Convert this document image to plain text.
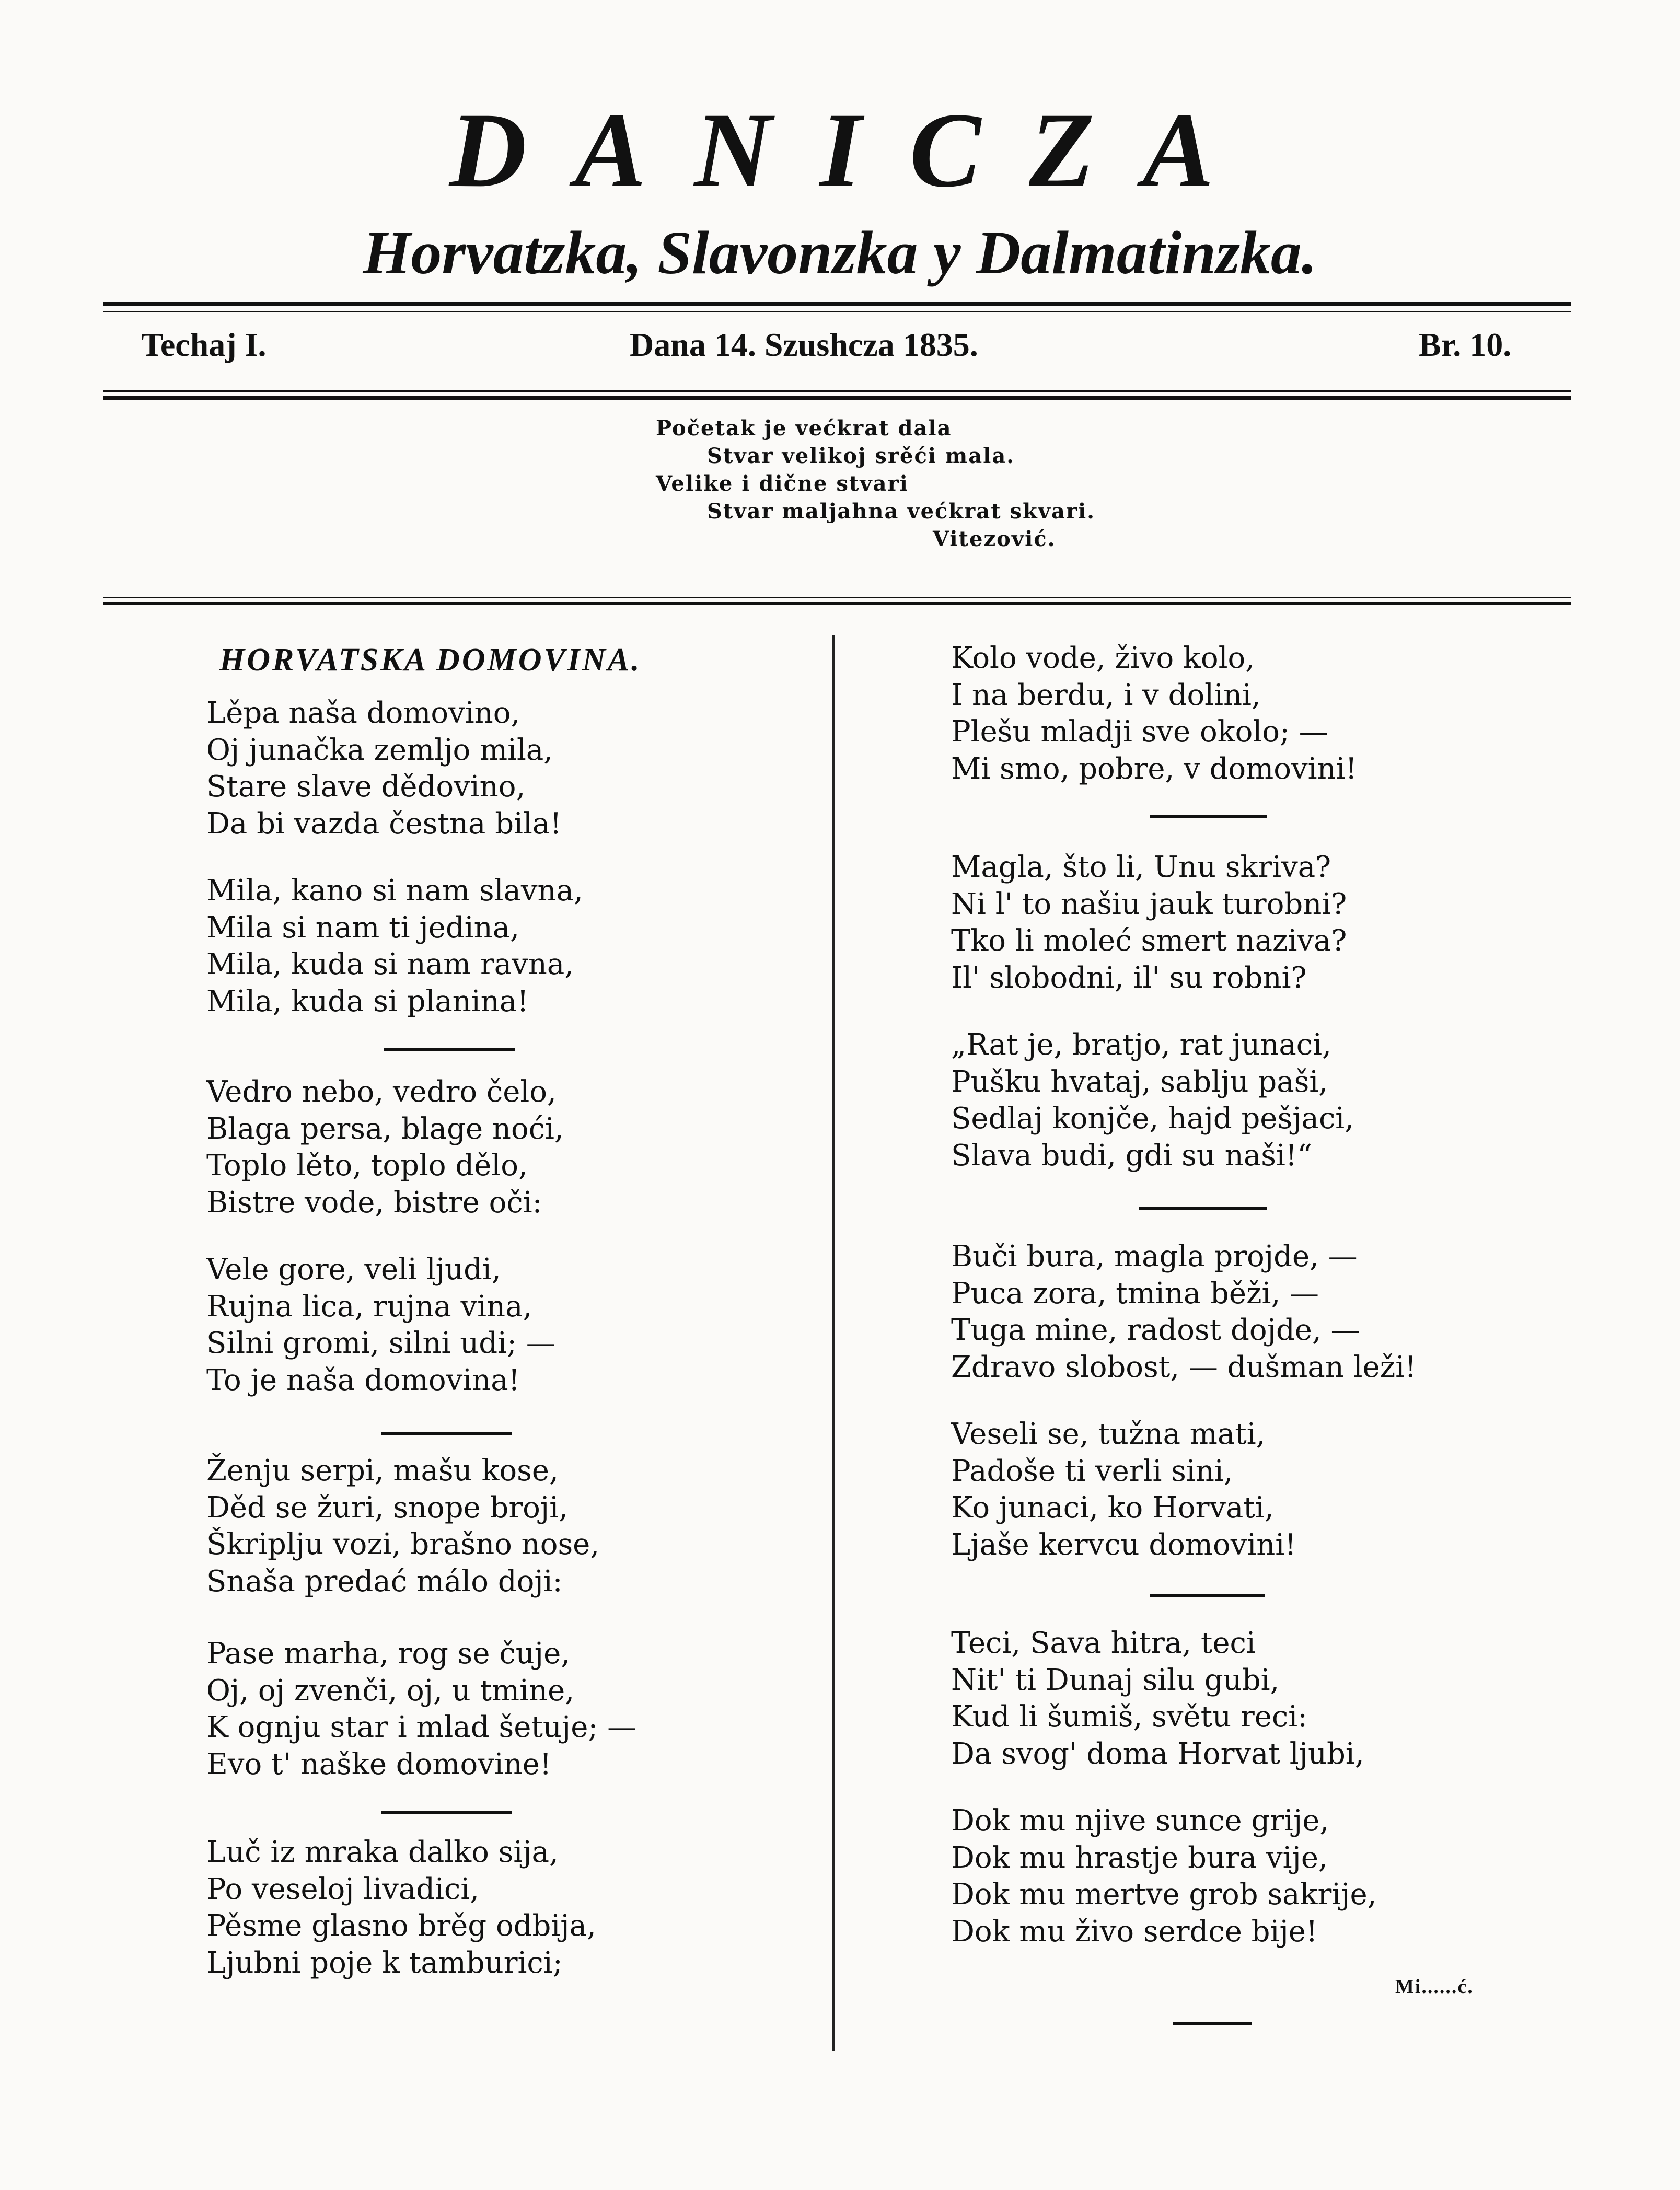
DANICZA
Horvatzka, Slavonzka y Dalmatinzka.
Techaj I.	Dana 14. Szushcza 1835.	Br. 10.
Početak je većkrat dala
Stvar velikoj srěći mala.
Velike i dične stvari
Stvar maljahna većkrat skvari.
Vitezović.
HORVATSKA DOMOVINA.
Lěpa naša domovino,
Oj junačka zemljo mila,
Stare slave dědovino,
Da bi vazda čestna bila!
Mila, kano si nam slavna,
Mila si nam ti jedina,
Mila, kuda si nam ravna,
Mila, kuda si planina!
Vedro nebo, vedro čelo,
Blaga persa, blage noći,
Toplo lěto, toplo dělo,
Bistre vode, bistre oči:
Vele gore, veli ljudi,
Rujna lica, rujna vina,
Silni gromi, silni udi; —
To je naša domovina!
Ženju serpi, mašu kose,
Děd se žuri, snope broji,
Škriplju vozi, brašno nose,
Snaša predać málo doji:
Pase marha, rog se čuje,
Oj, oj zvenči, oj, u tmine,
K ognju star i mlad šetuje; —
Evo t' naške domovine!
Luč iz mraka dalko sija,
Po veseloj livadici,
Pěsme glasno brěg odbija,
Ljubni poje k tamburici;
Kolo vode, živo kolo,
I na berdu, i v dolini,
Plešu mladji sve okolo; —
Mi smo, pobre, v domovini!
Magla, što li, Unu skriva?
Ni l' to našiu jauk turobni?
Tko li moleć smert naziva?
Il' slobodni, il' su robni?
„Rat je, bratjo, rat junaci,
Pušku hvataj, sablju paši,
Sedlaj konjče, hajd pešjaci,
Slava budi, gdi su naši!“
Buči bura, magla projde, —
Puca zora, tmina běži, —
Tuga mine, radost dojde, —
Zdravo slobost, — dušman leži!
Veseli se, tužna mati,
Padoše ti verli sini,
Ko junaci, ko Horvati,
Ljaše kervcu domovini!
Teci, Sava hitra, teci
Nit' ti Dunaj silu gubi,
Kud li šumiš, světu reci:
Da svog' doma Horvat ljubi,
Dok mu njive sunce grije,
Dok mu hrastje bura vije,
Dok mu mertve grob sakrije,
Dok mu živo serdce bije!
Mi......ć.
